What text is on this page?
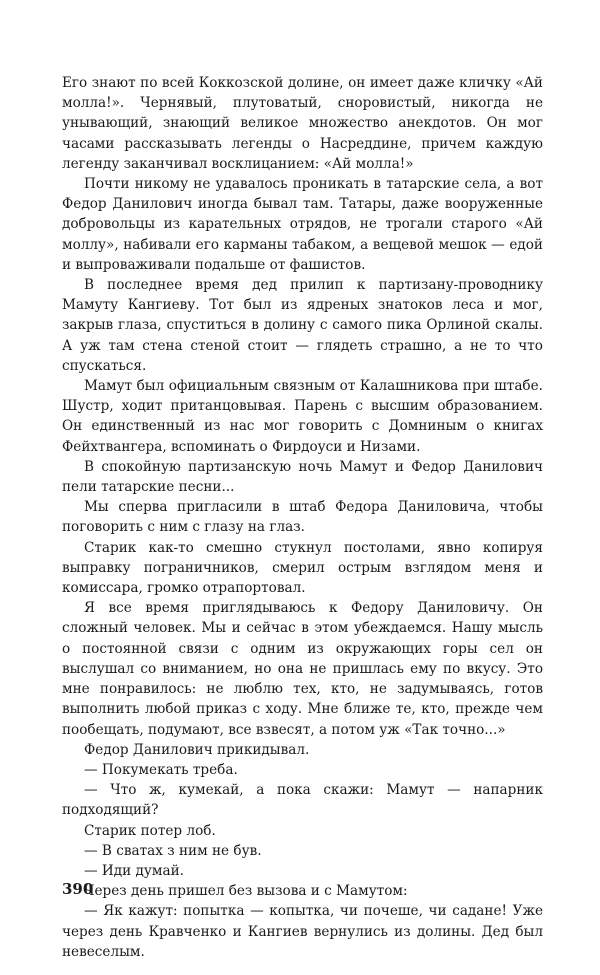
Его знают по всей Коккозской долине, он имеет даже кличку «Ай молла!». Чернявый, плутоватый, сноровистый, никогда не унывающий, знающий великое множество анекдотов. Он мог часами рассказывать легенды о Насреддине, причем каждую легенду заканчивал восклицанием: «Ай молла!»

Почти никому не удавалось проникать в татарские села, а вот Федор Данилович иногда бывал там. Татары, даже вооруженные добровольцы из карательных отрядов, не трогали старого «Ай моллу», набивали его карманы табаком, а вещевой мешок — едой и выпроваживали подальше от фашистов.

В последнее время дед прилип к партизану-проводнику Мамуту Кангиеву. Тот был из ядреных знатоков леса и мог, закрыв глаза, спуститься в долину с самого пика Орлиной скалы. А уж там стена стеной стоит — глядеть страшно, а не то что спускаться.

Мамут был официальным связным от Калашникова при штабе. Шустр, ходит пританцовывая. Парень с высшим образованием. Он единственный из нас мог говорить с Домниным о книгах Фейхтвангера, вспоминать о Фирдоуси и Низами.

В спокойную партизанскую ночь Мамут и Федор Данилович пели татарские песни...

Мы сперва пригласили в штаб Федора Даниловича, чтобы поговорить с ним с глазу на глаз.

Старик как-то смешно стукнул постолами, явно копируя выправку пограничников, смерил острым взглядом меня и комиссара, громко отрапортовал.

Я все время приглядываюсь к Федору Даниловичу. Он сложный человек. Мы и сейчас в этом убеждаемся. Нашу мысль о постоянной связи с одним из окружающих горы сел он выслушал со вниманием, но она не пришлась ему по вкусу. Это мне понравилось: не люблю тех, кто, не задумываясь, готов выполнить любой приказ с ходу. Мне ближе те, кто, прежде чем пообещать, подумают, все взвесят, а потом уж «Так точно...»

Федор Данилович прикидывал.

— Покумекать треба.

— Что ж, кумекай, а пока скажи: Мамут — напарник подходящий?

Старик потер лоб.

— В сватах з ним не був.

— Иди думай.

Через день пришел без вызова и с Мамутом:

— Як кажут: попытка — копытка, чи почеше, чи садане! Уже через день Кравченко и Кангиев вернулись из долины. Дед был невеселым.

390
